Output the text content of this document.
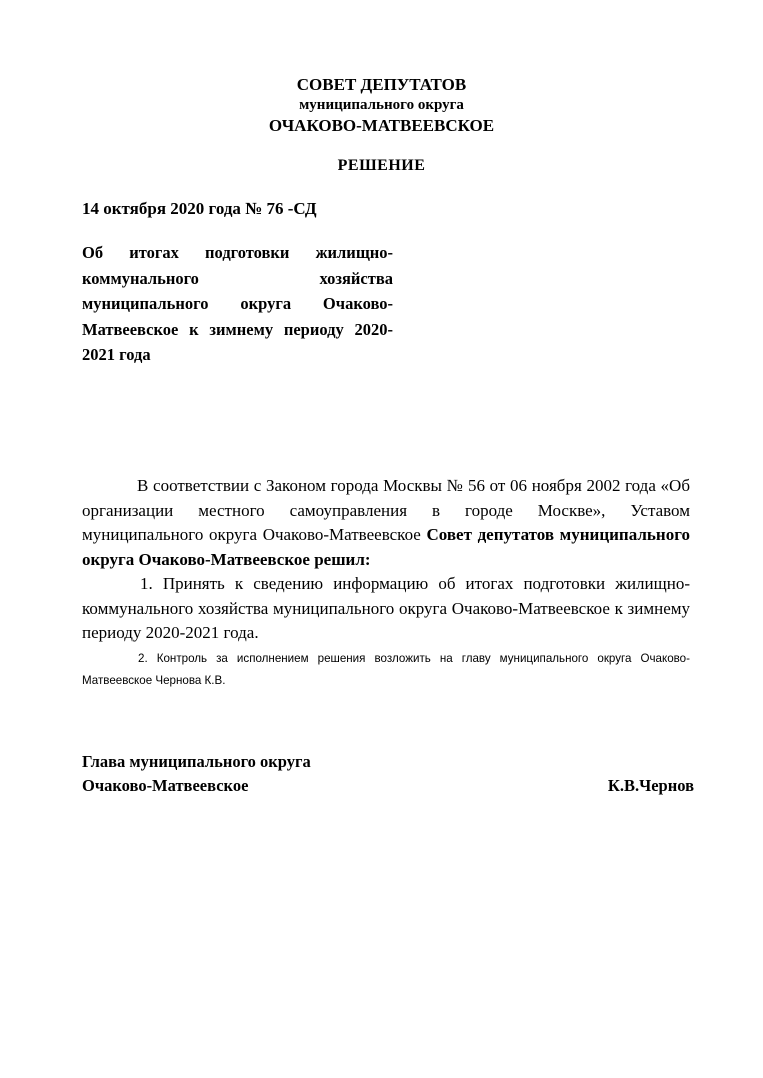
СОВЕТ ДЕПУТАТОВ
муниципального округа
ОЧАКОВО-МАТВЕЕВСКОЕ
РЕШЕНИЕ
14 октября 2020 года № 76 -СД
Об итогах подготовки жилищно-коммунального хозяйства муниципального округа Очаково-Матвеевское к зимнему периоду 2020-2021 года

В соответствии с Законом города Москвы № 56 от 06 ноября 2002 года «Об организации местного самоуправления в городе Москве», Уставом муниципального округа Очаково-Матвеевское Совет депутатов муниципального округа Очаково-Матвеевское решил:

1. Принять к сведению информацию об итогах подготовки жилищно-коммунального хозяйства муниципального округа Очаково-Матвеевское к зимнему периоду 2020-2021 года.

2. Контроль за исполнением решения возложить на главу муниципального округа Очаково-Матвеевское Чернова К.В.

Глава муниципального округа
Очаково-Матвеевское	К.В.Чернов
